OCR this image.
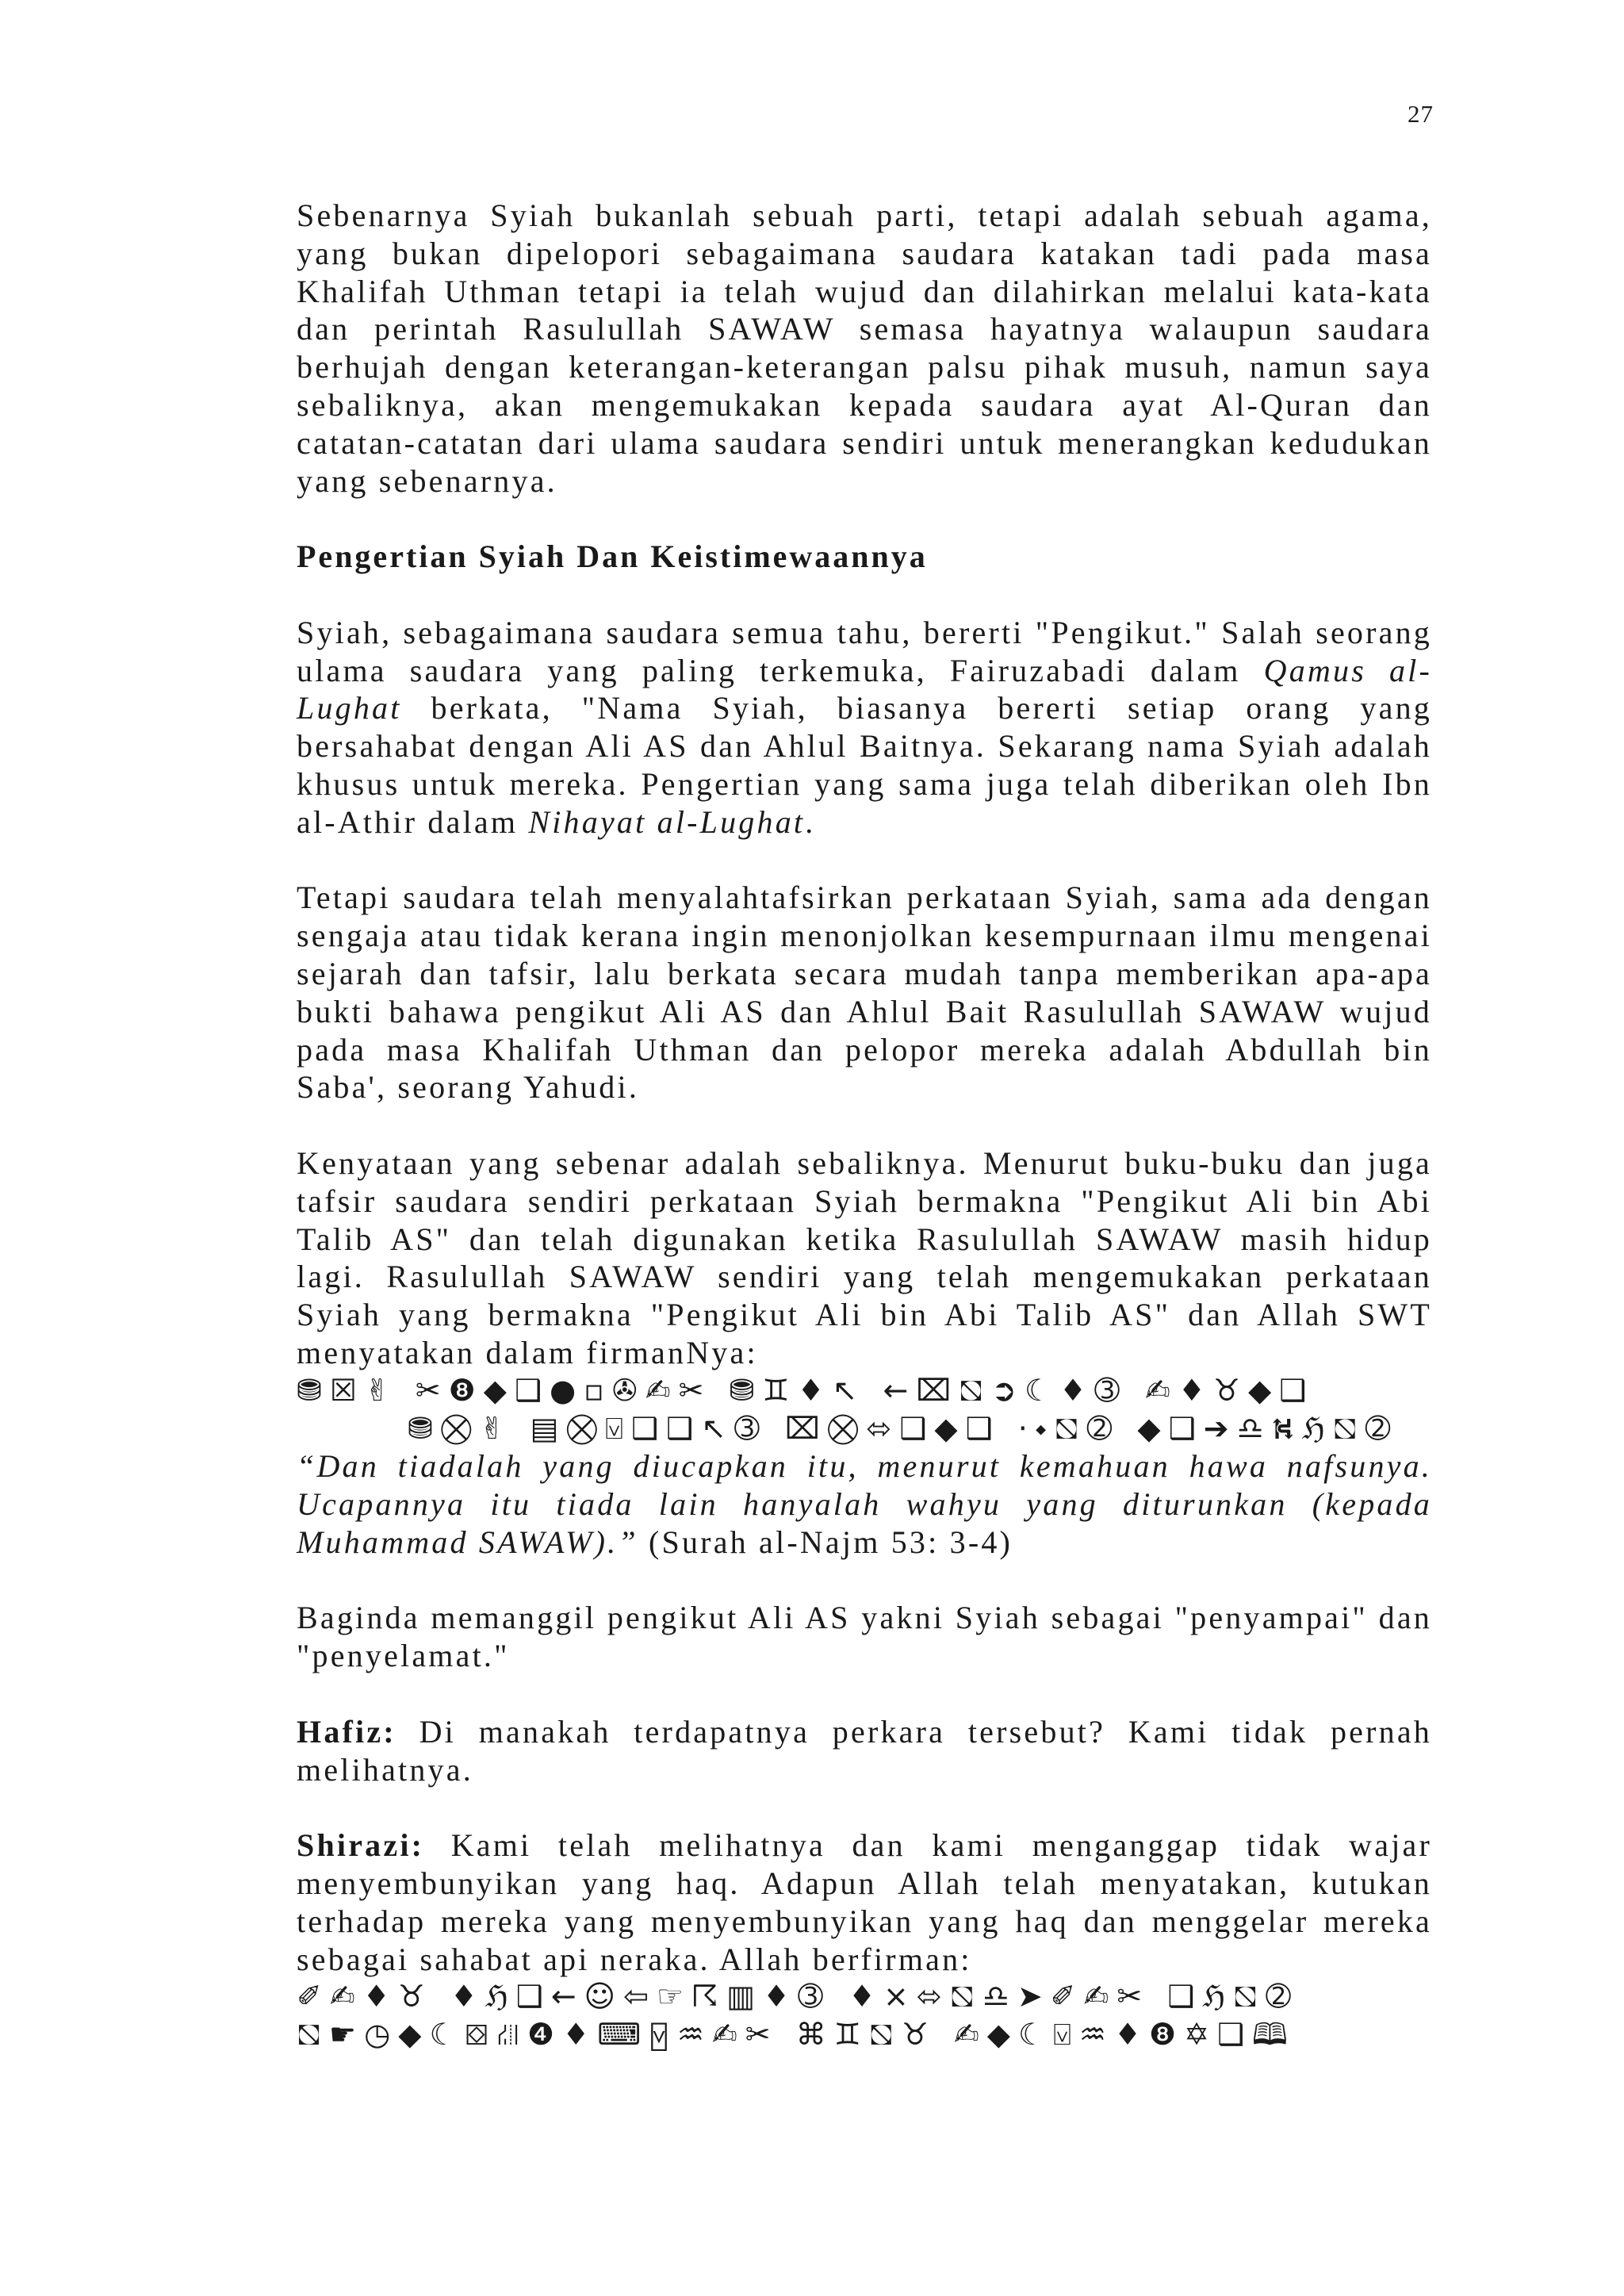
27

Sebenarnya Syiah bukanlah sebuah parti, tetapi adalah sebuah agama, yang bukan dipelopori sebagaimana saudara katakan tadi pada masa Khalifah Uthman tetapi ia telah wujud dan dilahirkan melalui kata-kata dan perintah Rasulullah SAWAW semasa hayatnya walaupun saudara berhujah dengan keterangan-keterangan palsu pihak musuh, namun saya sebaliknya, akan mengemukakan kepada saudara ayat Al-Quran dan catatan-catatan dari ulama saudara sendiri untuk menerangkan kedudukan yang sebenarnya.

Pengertian Syiah Dan Keistimewaannya

Syiah, sebagaimana saudara semua tahu, bererti "Pengikut." Salah seorang ulama saudara yang paling terkemuka, Fairuzabadi dalam Qamus al-Lughat berkata, "Nama Syiah, biasanya bererti setiap orang yang bersahabat dengan Ali AS dan Ahlul Baitnya. Sekarang nama Syiah adalah khusus untuk mereka. Pengertian yang sama juga telah diberikan oleh Ibn al-Athir dalam Nihayat al-Lughat.

Tetapi saudara telah menyalahtafsirkan perkataan Syiah, sama ada dengan sengaja atau tidak kerana ingin menonjolkan kesempurnaan ilmu mengenai sejarah dan tafsir, lalu berkata secara mudah tanpa memberikan apa-apa bukti bahawa pengikut Ali AS dan Ahlul Bait Rasulullah SAWAW wujud pada masa Khalifah Uthman dan pelopor mereka adalah Abdullah bin Saba', seorang Yahudi.

Kenyataan yang sebenar adalah sebaliknya. Menurut buku-buku dan juga tafsir saudara sendiri perkataan Syiah bermakna "Pengikut Ali bin Abi Talib AS" dan telah digunakan ketika Rasulullah SAWAW masih hidup lagi. Rasulullah SAWAW sendiri yang telah mengemukakan perkataan Syiah yang bermakna "Pengikut Ali bin Abi Talib AS" dan Allah SWT menyatakan dalam firmanNya:

⛃☒✌ ✂❽◆❑●▫✇✍✂ ⛃♊♦↖ ←⌧⛞➲☾♦➂ ✍♦♉◆❑

⛃⛒✌ ▤⛒⍌❑❑↖➂ ⌧⛒⬄❑◆❑ ⋅⬩⛞➁ ◆❑➔♎⛕ℌ⛞➁

“Dan tiadalah yang diucapkan itu, menurut kemahuan hawa nafsunya. Ucapannya itu tiada lain hanyalah wahyu yang diturunkan (kepada Muhammad SAWAW).” (Surah al-Najm 53: 3-4)

Baginda memanggil pengikut Ali AS yakni Syiah sebagai "penyampai" dan "penyelamat."

Hafiz: Di manakah terdapatnya perkara tersebut? Kami tidak pernah melihatnya.

Shirazi: Kami telah melihatnya dan kami menganggap tidak wajar menyembunyikan yang haq. Adapun Allah telah menyatakan, kutukan terhadap mereka yang menyembunyikan yang haq dan menggelar mereka sebagai sahabat api neraka. Allah berfirman:

✐✍♦♉ ♦ℌ❑←☺⇦☞☈▥♦➂ ♦×⬄⛞♎➤✐✍✂ ❑ℌ⛞➁

⛞☛◷◆☾⛋⛜❹♦⌨⍌♒✍✂ ⌘♊⛞♉ ✍◆☾⍌♒♦❽✡❑🕮
